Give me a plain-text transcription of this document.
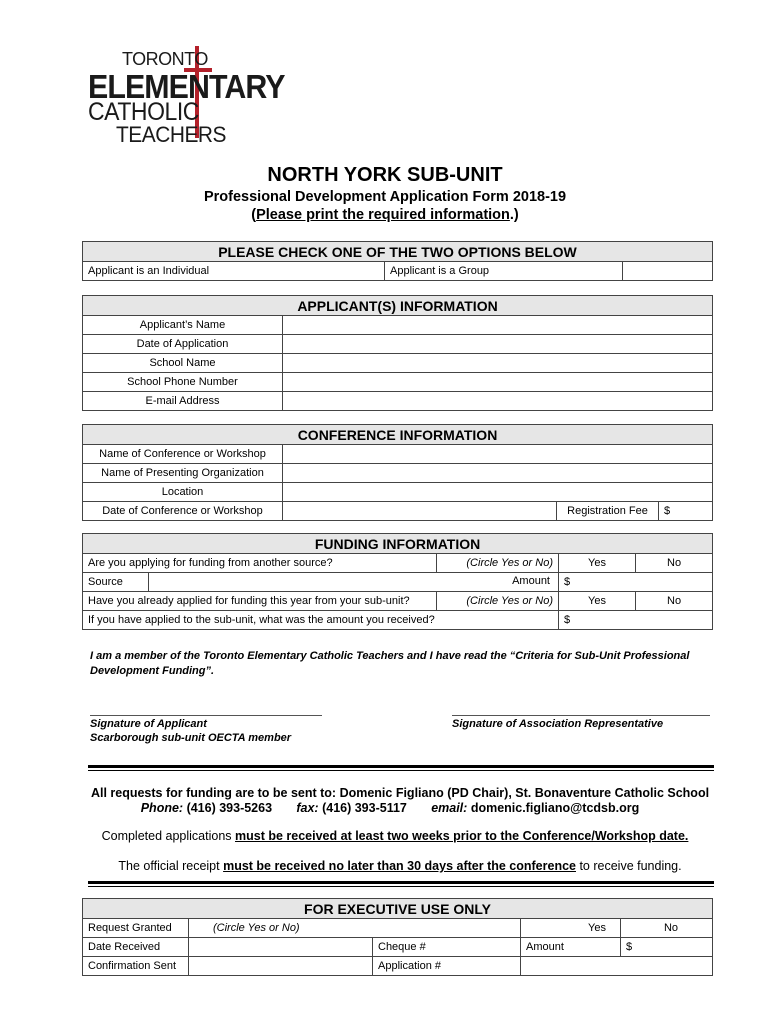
TORONTO
ELEMENTARY
CATHOLIC
TEACHERS
NORTH YORK SUB-UNIT
Professional Development Application Form 2018-19
(Please print the required information.)
PLEASE CHECK ONE OF THE TWO OPTIONS BELOW
Applicant is an Individual	Applicant is a Group	
APPLICANT(S) INFORMATION	
Applicant’s Name	
Date of Application	
School Name	
School Phone Number	
E-mail Address	
CONFERENCE INFORMATION			
Name of Conference or Workshop			
Name of Presenting Organization			
Location			
Date of Conference or Workshop		Registration Fee	$
FUNDING INFORMATION				
Are you applying for funding from another source?		(Circle Yes or No)	Yes	No
Source	Amount		$	
Have you already applied for funding this year from your sub-unit?		(Circle Yes or No)	Yes	No
If you have applied to the sub-unit, what was the amount you received?			$	
I am a member of the Toronto Elementary Catholic Teachers and I have read the “Criteria for Sub-Unit Professional Development Funding”.
Signature of Applicant
Scarborough sub-unit OECTA member
Signature of Association Representative
All requests for funding are to be sent to: Domenic Figliano (PD Chair), St. Bonaventure Catholic School
Phone: (416) 393-5263 fax: (416) 393-5117 email: domenic.figliano@tcdsb.org
Completed applications must be received at least two weeks prior to the Conference/Workshop date.
The official receipt must be received no later than 30 days after the conference to receive funding.
FOR EXECUTIVE USE ONLY				
Request Granted	(Circle Yes or No)		Yes	No
Date Received		Cheque #	Amount	$
Confirmation Sent		Application #		
